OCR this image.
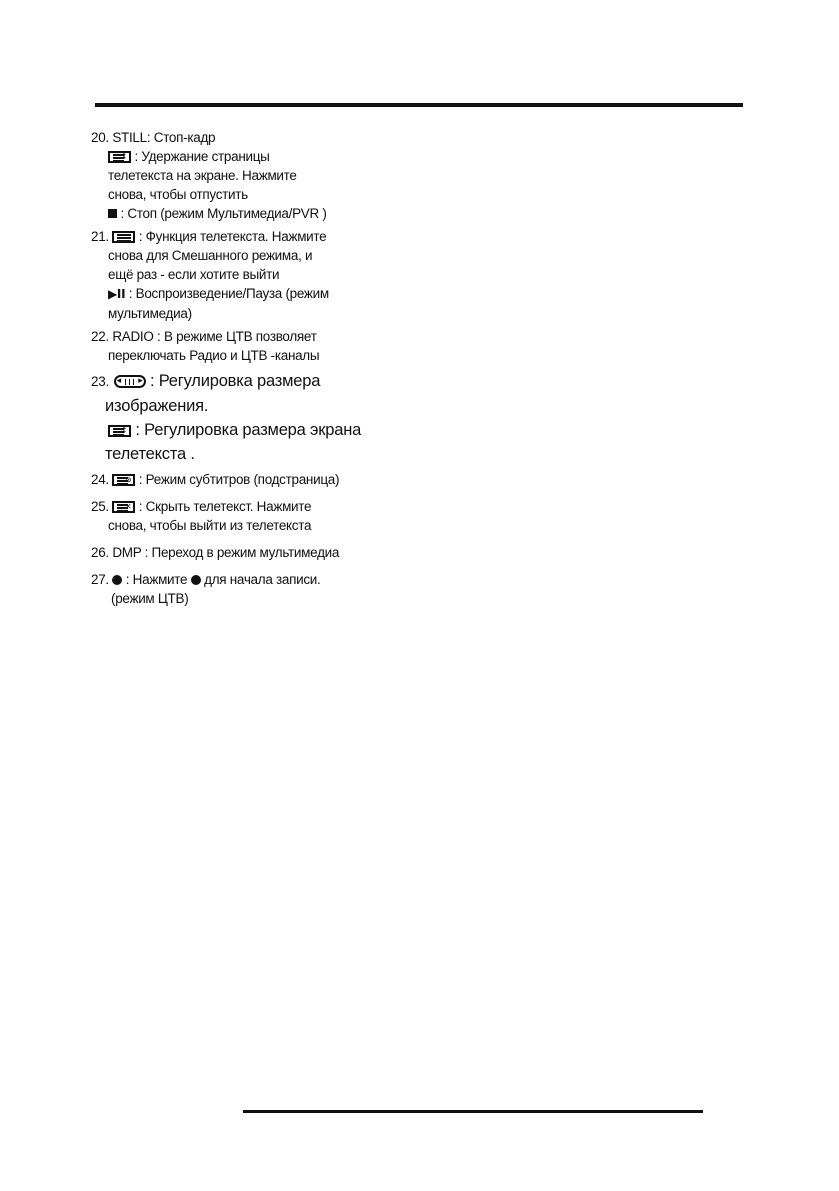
20. STILL: Стоп-кадр
⇕ : Удержание страницы
телетекста на экране. Нажмите
снова, чтобы отпустить
: Стоп (режим Мультимедиа/PVR )
21. : Функция телетекста. Нажмите
снова для Смешанного режима, и
ещё раз - если хотите выйти
▶II : Воспроизведение/Пауза (режим
мультимедиа)
22. RADIO : В режиме ЦТВ позволяет
переключать Радио и ЦТВ -каналы
23. ◂ ▸ : Регулировка размера
изображения.
↕ : Регулировка размера экрана
телетекста .
24. ⊙ : Режим субтитров (подстраница)
25. ✕ : Скрыть телетекст. Нажмите
снова, чтобы выйти из телетекста
26. DMP : Переход в режим мультимедиа
27. : Нажмите для начала записи.
(режим ЦТВ)
